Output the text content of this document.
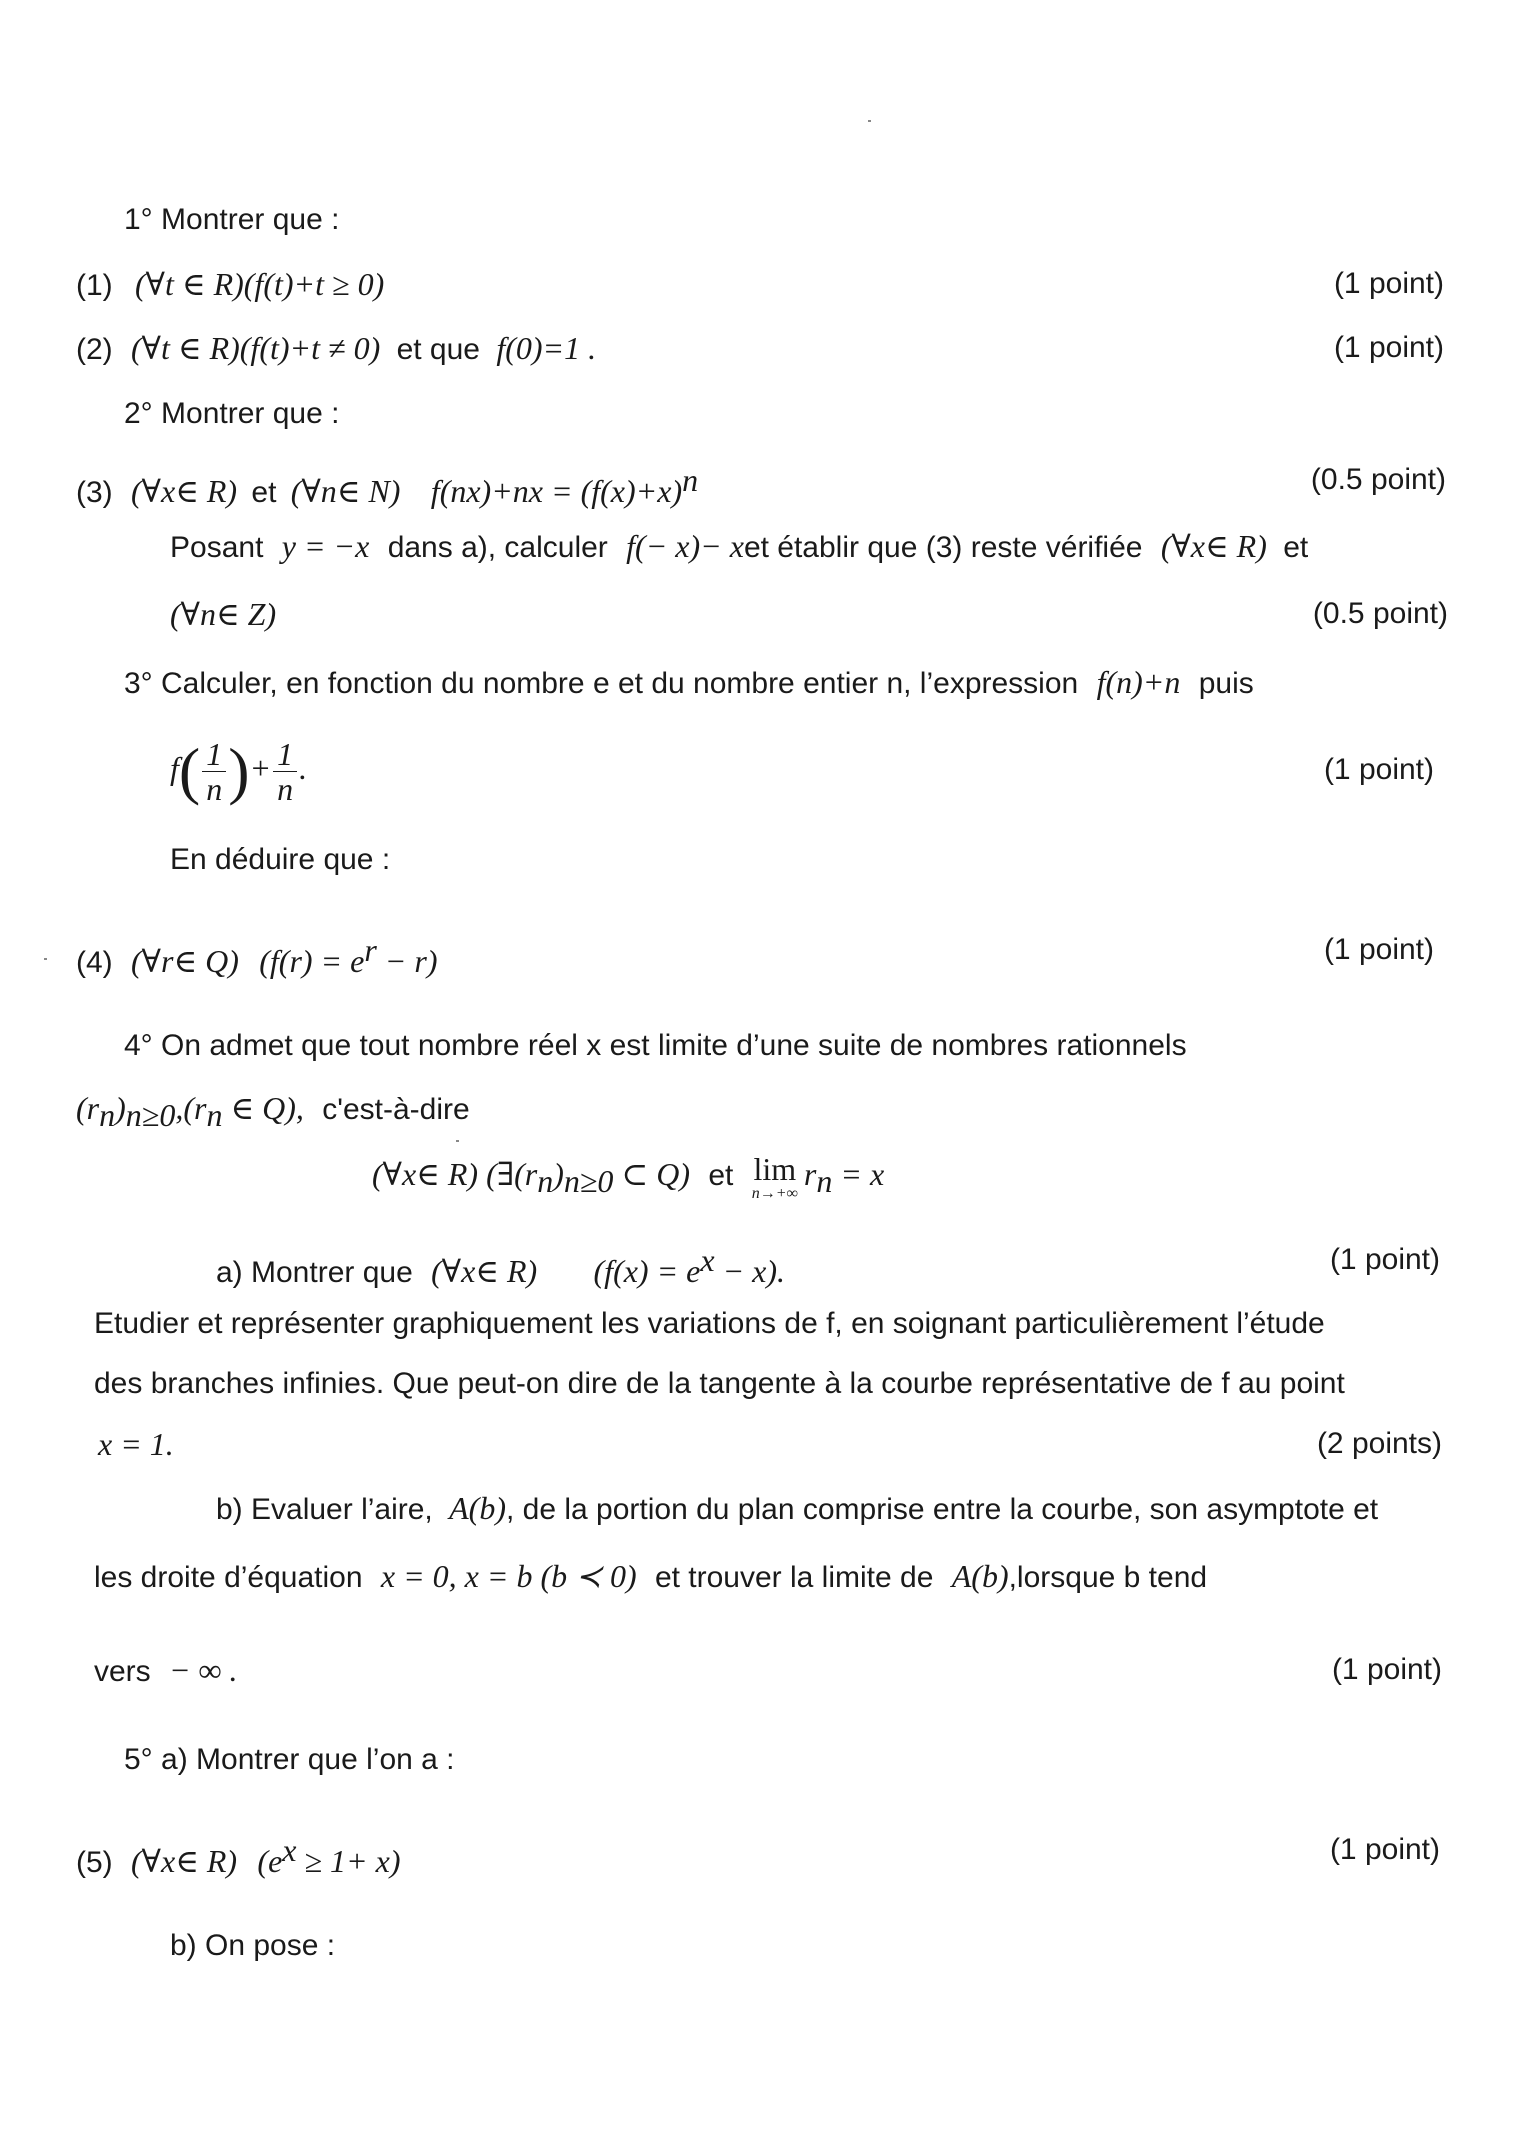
1° Montrer que :
(1) (∀t ∈ R)(f(t)+t ≥ 0)	(1 point)
(2) (∀t ∈ R)(f(t)+t ≠ 0) et que f(0)=1 .	(1 point)
2° Montrer que :
(3) (∀x∈ R) et (∀n∈ N) $f(nx)+nx = (f(x)+x)^n$	(0.5 point)
Posant y = −x dans a), calculer f(− x)− xet établir que (3) reste vérifiée (∀x∈ R) et
(∀n∈ Z)	(0.5 point)
3° Calculer, en fonction du nombre e et du nombre entier n, l’expression f(n)+n puis
$f( \frac{1}{n}$ )+ $\frac{1}{n}$ .	(1 point)
En déduire que :
(4) (∀r∈ Q) $(f(r) = e^r - r)$	(1 point)
4° On admet que tout nombre réel x est limite d’une suite de nombres rationnels
$(r_n)_{n\ge 0},(r_n$ ∈ Q), c'est-à-dire
(∀x∈ R) ($\exists(r_n)_{n\ge 0}$ ⊂ Q) et lim
n→+∞
$r_n = x$
a) Montrer que (∀x∈ R) $(f(x) = e^x - x)$.	(1 point)
Etudier et représenter graphiquement les variations de f, en soignant particulièrement l’étude
des branches infinies. Que peut-on dire de la tangente à la courbe représentative de f au point
x = 1.	(2 points)
b) Evaluer l’aire, A(b), de la portion du plan comprise entre la courbe, son asymptote et
les droite d’équation x = 0, x = b (b ≺ 0) et trouver la limite de A(b),lorsque b tend
vers − ∞ .	(1 point)
5° a) Montrer que l’on a :
(5) (∀x∈ R) $(e^x \ge 1+ x)$	(1 point)
b) On pose :
